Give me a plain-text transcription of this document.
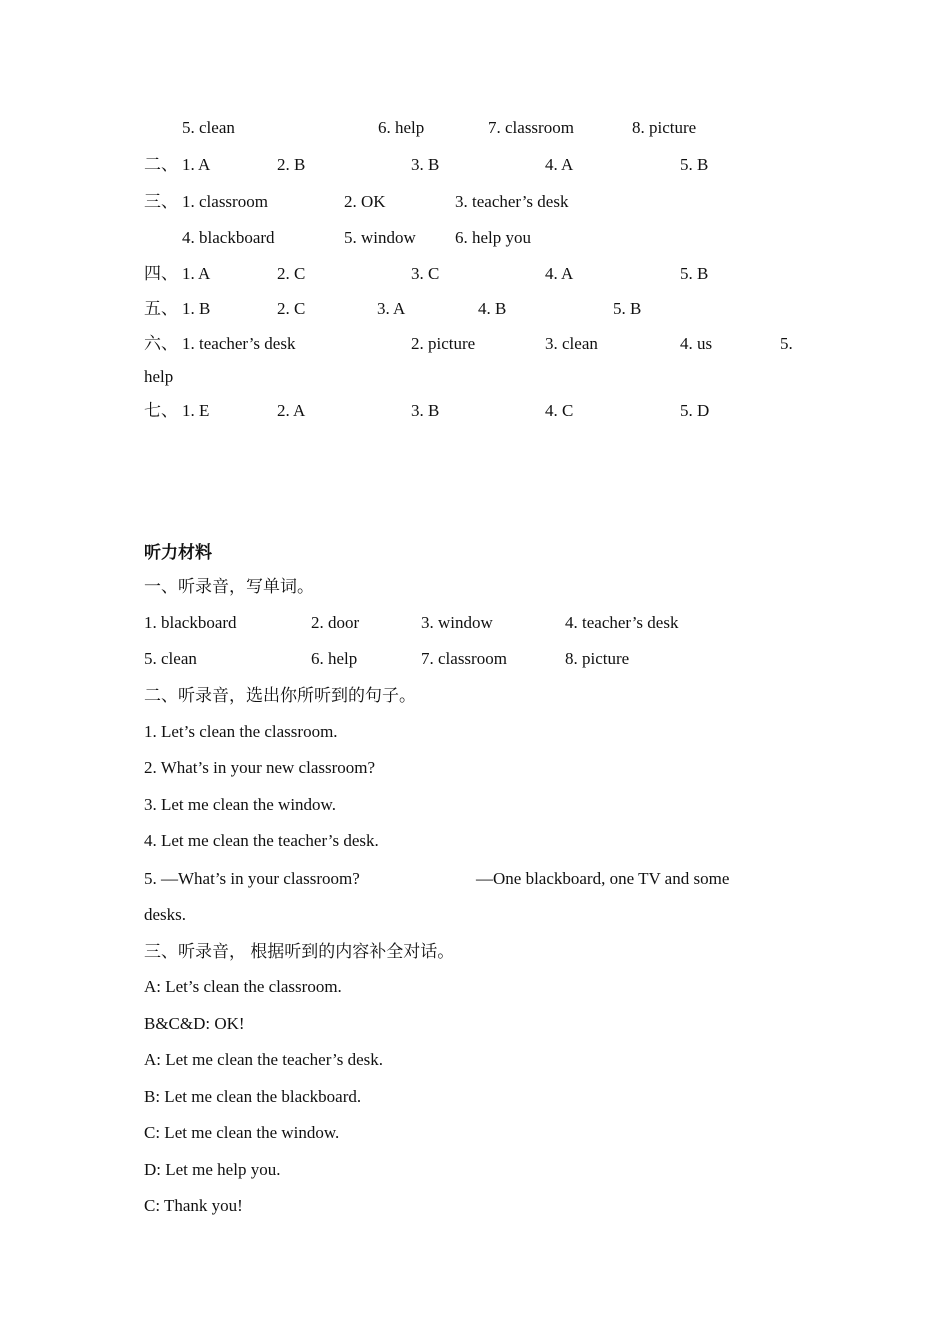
5. clean	6. help	7. classroom	8. picture
二、 1. A	2. B	3. B	4. A	5. B
三、 1. classroom	2. OK	3. teacher’s desk
4. blackboard	5. window 6. help you
四、 1. A	2. C	3. C	4. A	5. B
五、 1. B	2. C	3. A	4. B	5. B
六、 1. teacher’s desk	2. picture	3. clean	4. us	5.
help
七、 1. E	2. A	3. B	4. C	5. D
听力材料
一、听录音，写单词。
1. blackboard	2. door	3. window	4. teacher’s desk
5. clean	6. help	7. classroom	8. picture
二、听录音，选出你所听到的句子。
1. Let’s clean the classroom.
2. What’s in your new classroom?
3. Let me clean the window.
4. Let me clean the teacher’s desk.
5. —What’s in your classroom?	—One blackboard, one TV and some
desks.
三、听录音， 根据听到的内容补全对话。
A: Let’s clean the classroom.
B&C&D: OK!
A: Let me clean the teacher’s desk.
B: Let me clean the blackboard.
C: Let me clean the window.
D: Let me help you.
C: Thank you!
